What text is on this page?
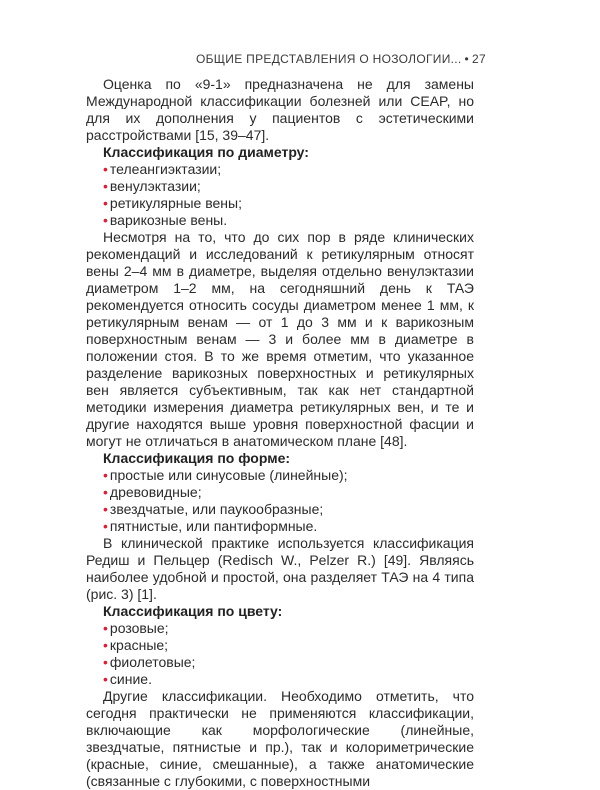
ОБЩИЕ ПРЕДСТАВЛЕНИЯ О НОЗОЛОГИИ... • 27

Оценка по «9-1» предназначена не для замены Международной классификации болезней или CEAP, но для их дополнения у пациентов с эстетическими расстройствами [15, 39–47].

Классификация по диаметру:
• телеангиэктазии;
• венулэктазии;
• ретикулярные вены;
• варикозные вены.

Несмотря на то, что до сих пор в ряде клинических рекомендаций и исследований к ретикулярным относят вены 2–4 мм в диаметре, выделяя отдельно венулэктазии диаметром 1–2 мм, на сегодняшний день к ТАЭ рекомендуется относить сосуды диаметром менее 1 мм, к ретикулярным венам — от 1 до 3 мм и к варикозным поверхностным венам — 3 и более мм в диаметре в положении стоя. В то же время отметим, что указанное разделение варикозных поверхностных и ретикулярных вен является субъективным, так как нет стандартной методики измерения диаметра ретикулярных вен, и те и другие находятся выше уровня поверхностной фасции и могут не отличаться в анатомическом плане [48].

Классификация по форме:
• простые или синусовые (линейные);
• древовидные;
• звездчатые, или паукообразные;
• пятнистые, или пантиформные.

В клинической практике используется классификация Редиш и Пельцер (Redisch W., Pelzer R.) [49]. Являясь наиболее удобной и простой, она разделяет ТАЭ на 4 типа (рис. 3) [1].

Классификация по цвету:
• розовые;
• красные;
• фиолетовые;
• синие.

Другие классификации. Необходимо отметить, что сегодня практически не применяются классификации, включающие как морфологические (линейные, звездчатые, пятнистые и пр.), так и колориметрические (красные, синие, смешанные), а также анатомические (связанные с глубокими, с поверхностными
